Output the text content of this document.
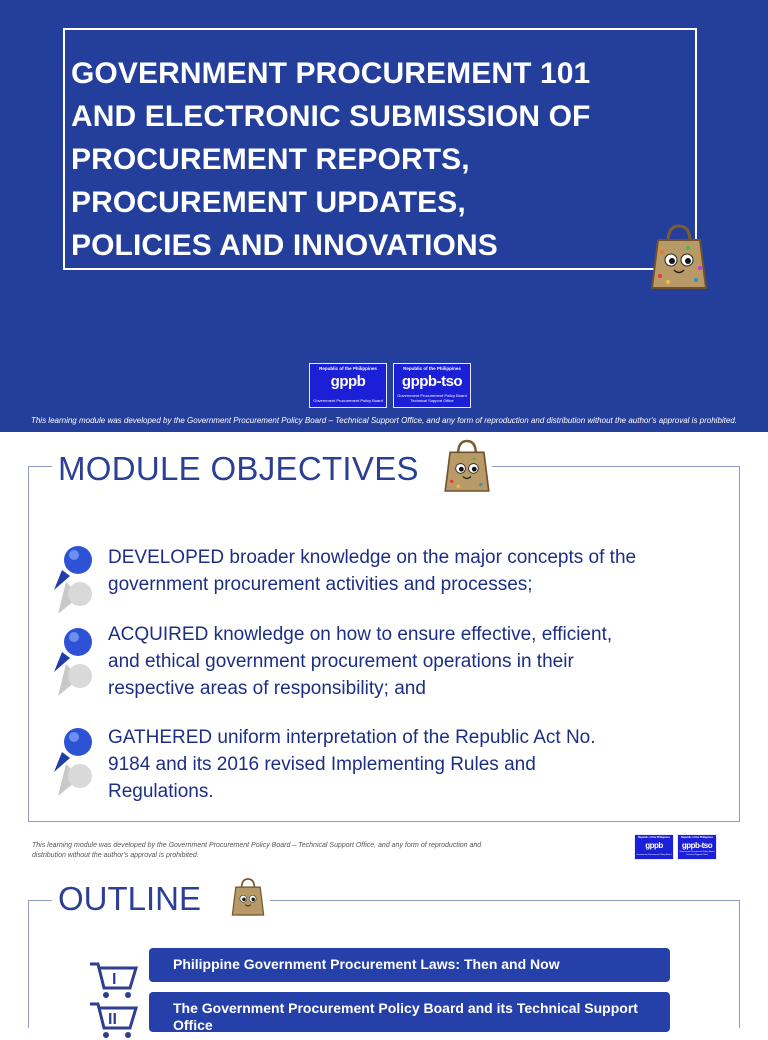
GOVERNMENT PROCUREMENT 101
AND ELECTRONIC SUBMISSION OF
PROCUREMENT REPORTS,
PROCUREMENT UPDATES,
POLICIES AND INNOVATIONS
Republic of the Philippines
gppb
Government Procurement Policy Board
Republic of the Philippines
gppb-tso
Government Procurement Policy Board Technical Support Office
This learning module was developed by the Government Procurement Policy Board – Technical Support Office, and any form of reproduction and distribution without the author's approval is prohibited.
MODULE OBJECTIVES
DEVELOPED broader knowledge on the major concepts of the
government procurement activities and processes;
ACQUIRED knowledge on how to ensure effective, efficient,
and ethical government procurement operations in their
respective areas of responsibility; and
GATHERED uniform interpretation of the Republic Act No.
9184 and its 2016 revised Implementing Rules and
Regulations.
This learning module was developed by the Government Procurement Policy Board – Technical Support Office, and any form of reproduction and
distribution without the author's approval is prohibited.
Republic of the Philippines
gppb
Government Procurement Policy Board
Republic of the Philippines
gppb-tso
Government Procurement Policy Board Technical Support Office
OUTLINE
I
II
Philippine Government Procurement Laws: Then and Now
The Government Procurement Policy Board and its Technical Support Office
